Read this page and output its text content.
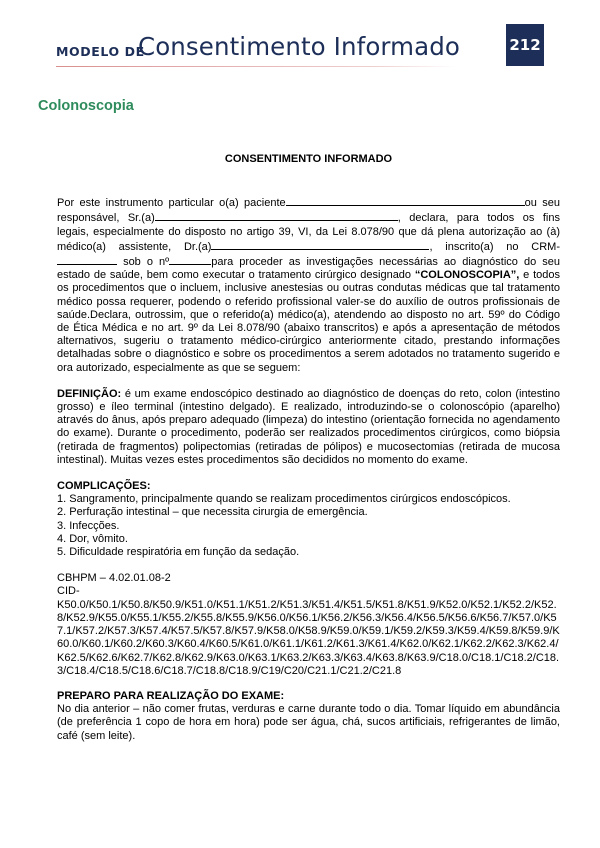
MODELO DE
Consentimento Informado	212
Colonoscopia
CONSENTIMENTO INFORMADO

Por este instrumento particular o(a) paciente	ou seu responsável, Sr.(a)	, declara, para todos os fins legais, especialmente do disposto no artigo 39, VI, da Lei 8.078/90 que dá plena autorização ao (à) médico(a) assistente, Dr.(a)	, inscrito(a) no CRM- sob o nº	para proceder as investigações necessárias ao diagnóstico do seu estado de saúde, bem como executar o tratamento cirúrgico designado “COLONOSCOPIA”, e todos os procedimentos que o incluem, inclusive anestesias ou outras condutas médicas que tal tratamento médico possa requerer, podendo o referido profissional valer-se do auxílio de outros profissionais de saúde.Declara, outrossim, que o referido(a) médico(a), atendendo ao disposto no art. 59º do Código de Ética Médica e no art. 9º da Lei 8.078/90 (abaixo transcritos) e após a apresentação de métodos alternativos, sugeriu o tratamento médico-cirúrgico anteriormente citado, prestando informações detalhadas sobre o diagnóstico e sobre os procedimentos a serem adotados no tratamento sugerido e ora autorizado, especialmente as que se seguem:

DEFINIÇÃO: é um exame endoscópico destinado ao diagnóstico de doenças do reto, colon (intestino grosso) e íleo terminal (intestino delgado). E realizado, introduzindo-se o colonoscópio (aparelho) através do ânus, após preparo adequado (limpeza) do intestino (orientação fornecida no agendamento do exame). Durante o procedimento, poderão ser realizados procedimentos cirúrgicos, como biópsia (retirada de fragmentos) polipectomias (retiradas de pólipos) e mucosectomias (retirada de mucosa intestinal). Muitas vezes estes procedimentos são decididos no momento do exame.

COMPLICAÇÕES:

1. Sangramento, principalmente quando se realizam procedimentos cirúrgicos endoscópicos.

2. Perfuração intestinal – que necessita cirurgia de emergência.

3. Infecções.

4. Dor, vômito.

5. Dificuldade respiratória em função da sedação.

CBHPM – 4.02.01.08-2

CID-

K50.0/K50.1/K50.8/K50.9/K51.0/K51.1/K51.2/K51.3/K51.4/K51.5/K51.8/K51.9/K52.0/K52.1/K52.2/K52.8/K52.9/K55.0/K55.1/K55.2/K55.8/K55.9/K56.0/K56.1/K56.2/K56.3/K56.4/K56.5/K56.6/K56.7/K57.0/K57.1/K57.2/K57.3/K57.4/K57.5/K57.8/K57.9/K58.0/K58.9/K59.0/K59.1/K59.2/K59.3/K59.4/K59.8/K59.9/K60.0/K60.1/K60.2/K60.3/K60.4/K60.5/K61.0/K61.1/K61.2/K61.3/K61.4/K62.0/K62.1/K62.2/K62.3/K62.4/K62.5/K62.6/K62.7/K62.8/K62.9/K63.0/K63.1/K63.2/K63.3/K63.4/K63.8/K63.9/C18.0/C18.1/C18.2/C18.3/C18.4/C18.5/C18.6/C18.7/C18.8/C18.9/C19/C20/C21.1/C21.2/C21.8

PREPARO PARA REALIZAÇÃO DO EXAME:

No dia anterior – não comer frutas, verduras e carne durante todo o dia. Tomar líquido em abundância (de preferência 1 copo de hora em hora) pode ser água, chá, sucos artificiais, refrigerantes de limão, café (sem leite).
